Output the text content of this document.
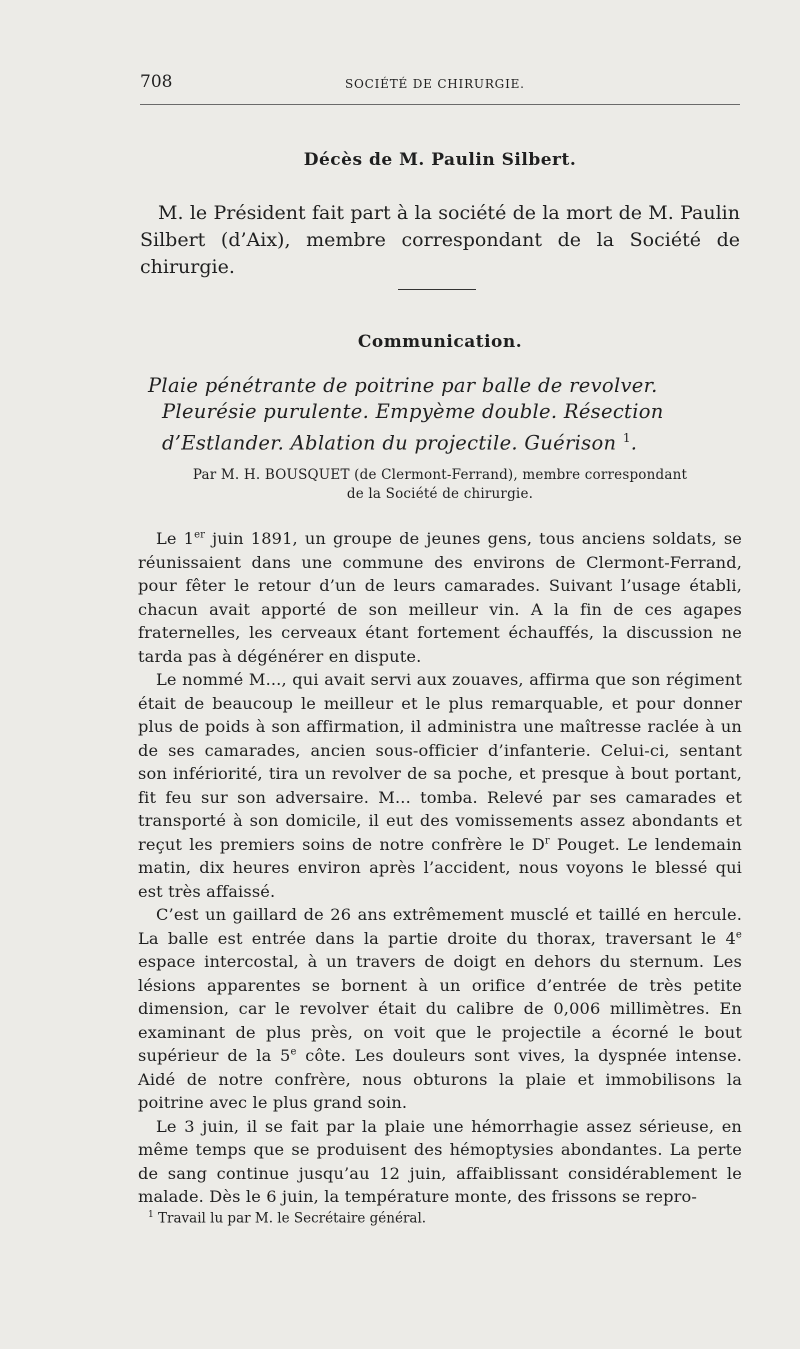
708	SOCIÉTÉ DE CHIRURGIE.
Décès de M. Paulin Silbert.
M. le Président fait part à la société de la mort de M. Paulin Silbert (d’Aix), membre correspondant de la Société de chirurgie.
Communication.
Plaie pénétrante de poitrine par balle de revolver. Pleurésie purulente. Empyème double. Résection d’Estlander. Ablation du projectile. Guérison $^1$.
Par M. H. BOUSQUET (de Clermont-Ferrand), membre correspondant
de la Société de chirurgie.

Le 1er juin 1891, un groupe de jeunes gens, tous anciens soldats, se réunissaient dans une commune des environs de Clermont-Ferrand, pour fêter le retour d’un de leurs camarades. Suivant l’usage établi, chacun avait apporté de son meilleur vin. A la fin de ces agapes fraternelles, les cerveaux étant fortement échauffés, la discussion ne tarda pas à dégénérer en dispute.

Le nommé M..., qui avait servi aux zouaves, affirma que son régiment était de beaucoup le meilleur et le plus remarquable, et pour donner plus de poids à son affirmation, il administra une maîtresse raclée à un de ses camarades, ancien sous-officier d’infanterie. Celui-ci, sentant son infériorité, tira un revolver de sa poche, et presque à bout portant, fit feu sur son adversaire. M... tomba. Relevé par ses camarades et transporté à son domicile, il eut des vomissements assez abondants et reçut les premiers soins de notre confrère le $D^r$ Pouget. Le lendemain matin, dix heures environ après l’accident, nous voyons le blessé qui est très affaissé.

C’est un gaillard de 26 ans extrêmement musclé et taillé en hercule. La balle est entrée dans la partie droite du thorax, traversant le 4e espace intercostal, à un travers de doigt en dehors du sternum. Les lésions apparentes se bornent à un orifice d’entrée de très petite dimension, car le revolver était du calibre de 0,006 millimètres. En examinant de plus près, on voit que le projectile a écorné le bout supérieur de la 5e côte. Les douleurs sont vives, la dyspnée intense. Aidé de notre confrère, nous obturons la plaie et immobilisons la poitrine avec le plus grand soin.

Le 3 juin, il se fait par la plaie une hémorrhagie assez sérieuse, en même temps que se produisent des hémoptysies abondantes. La perte de sang continue jusqu’au 12 juin, affaiblissant considérablement le malade. Dès le 6 juin, la température monte, des frissons se repro-

$^1$ Travail lu par M. le Secrétaire général.
